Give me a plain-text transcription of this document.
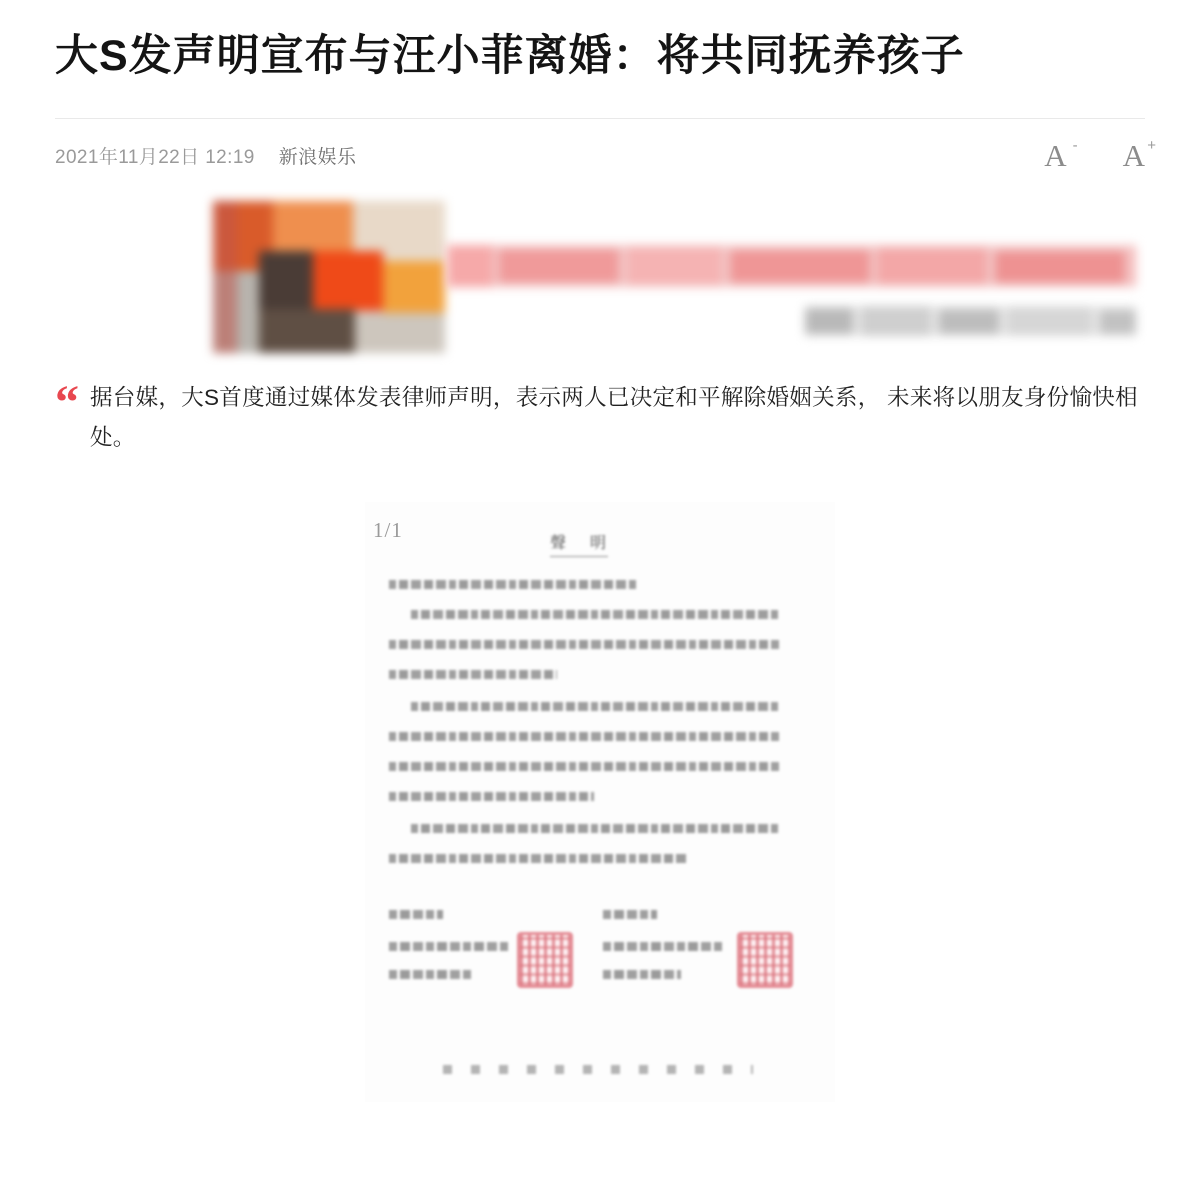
大S发声明宣布与汪小菲离婚：将共同抚养孩子
2021年11月22日 12:19 新浪娱乐	A - A +
“ 据台媒，大S首度通过媒体发表律师声明，表示两人已决定和平解除婚姻关系， 未来将以朋友身份愉快相处。
1/1
聲 明
